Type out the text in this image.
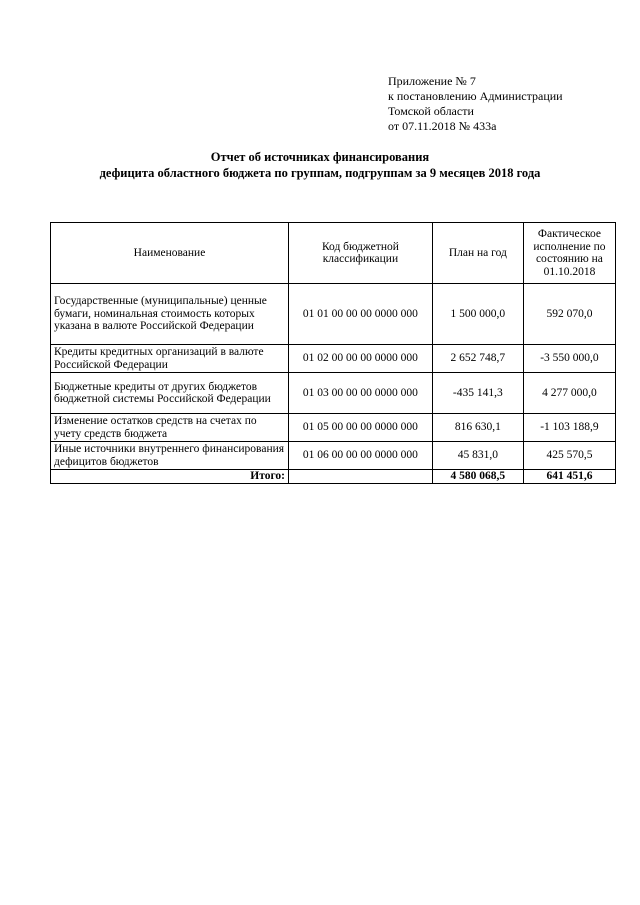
Приложение № 7
к постановлению Администрации
Томской области
от 07.11.2018 № 433а
Отчет об источниках финансирования
дефицита областного бюджета по группам, подгруппам за 9 месяцев 2018 года
Наименование	Код бюджетной классификации	План на год	Фактическое исполнение по состоянию на 01.10.2018
Государственные (муниципальные) ценные бумаги, номинальная стоимость которых указана в валюте Российской Федерации	01 01 00 00 00 0000 000	1 500 000,0	592 070,0
Кредиты кредитных организаций в валюте Российской Федерации	01 02 00 00 00 0000 000	2 652 748,7	-3 550 000,0
Бюджетные кредиты от других бюджетов бюджетной системы Российской Федерации	01 03 00 00 00 0000 000	-435 141,3	4 277 000,0
Изменение остатков средств на счетах по учету средств бюджета	01 05 00 00 00 0000 000	816 630,1	-1 103 188,9
Иные источники внутреннего финансирования дефицитов бюджетов	01 06 00 00 00 0000 000	45 831,0	425 570,5
Итого:		4 580 068,5	641 451,6
